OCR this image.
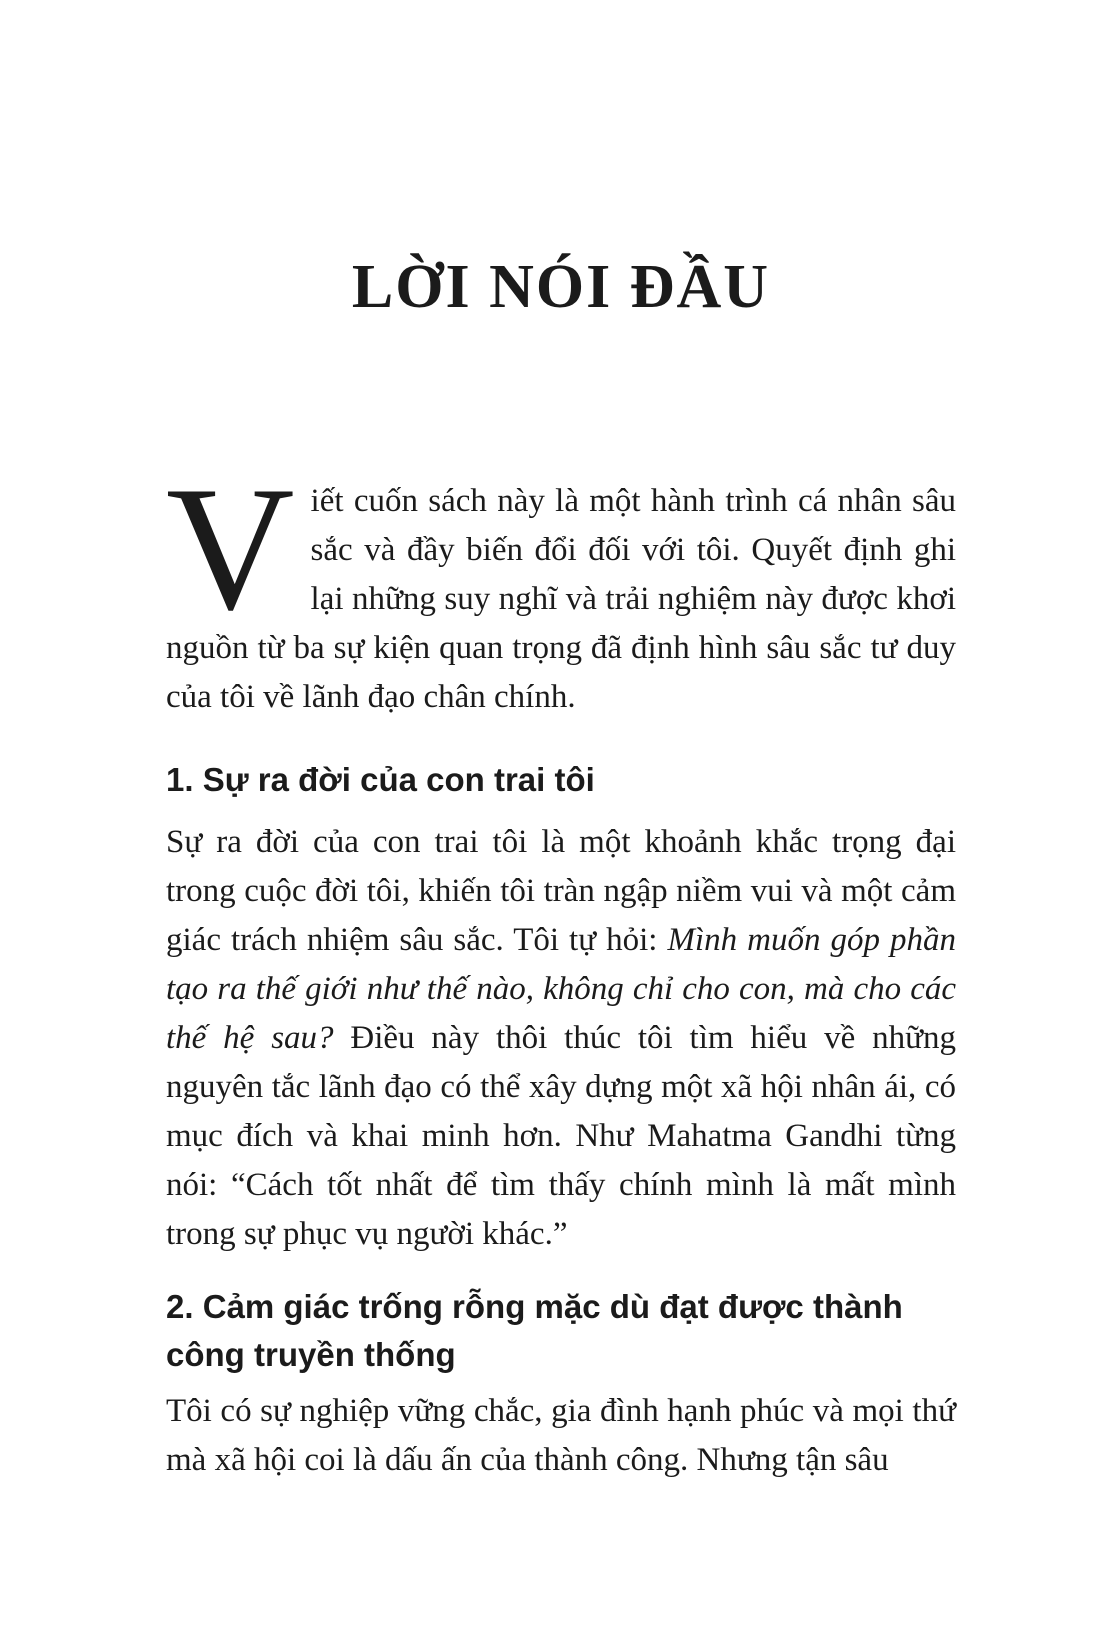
LỜI NÓI ĐẦU

Viết cuốn sách này là một hành trình cá nhân sâu sắc và đầy biến đổi đối với tôi. Quyết định ghi lại những suy nghĩ và trải nghiệm này được khơi nguồn từ ba sự kiện quan trọng đã định hình sâu sắc tư duy của tôi về lãnh đạo chân chính.

1. Sự ra đời của con trai tôi

Sự ra đời của con trai tôi là một khoảnh khắc trọng đại trong cuộc đời tôi, khiến tôi tràn ngập niềm vui và một cảm giác trách nhiệm sâu sắc. Tôi tự hỏi: Mình muốn góp phần tạo ra thế giới như thế nào, không chỉ cho con, mà cho các thế hệ sau? Điều này thôi thúc tôi tìm hiểu về những nguyên tắc lãnh đạo có thể xây dựng một xã hội nhân ái, có mục đích và khai minh hơn. Như Mahatma Gandhi từng nói: “Cách tốt nhất để tìm thấy chính mình là mất mình trong sự phục vụ người khác.”

2. Cảm giác trống rỗng mặc dù đạt được thành công truyền thống

Tôi có sự nghiệp vững chắc, gia đình hạnh phúc và mọi thứ mà xã hội coi là dấu ấn của thành công. Nhưng tận sâu
